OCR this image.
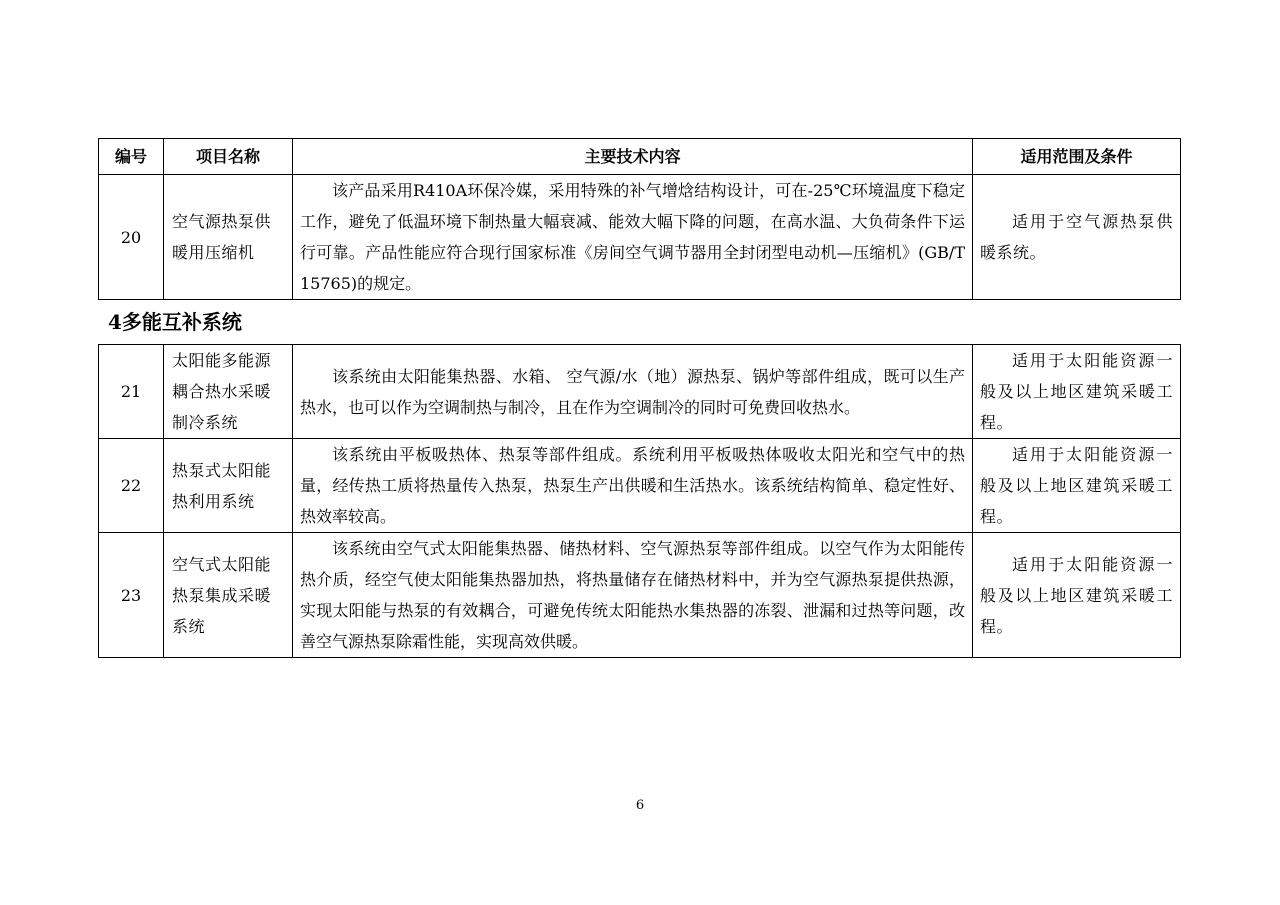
编号	项目名称	主要技术内容	适用范围及条件
20	空气源热泵供暖用压缩机	该产品采用R410A环保冷媒，采用特殊的补气增焓结构设计，可在-25℃环境温度下稳定工作，避免了低温环境下制热量大幅衰减、能效大幅下降的问题，在高水温、大负荷条件下运行可靠。产品性能应符合现行国家标准《房间空气调节器用全封闭型电动机—压缩机》(GB/T 15765)的规定。	适用于空气源热泵供暖系统。

4多能互补系统

21	太阳能多能源耦合热水采暖制冷系统	该系统由太阳能集热器、水箱、 空气源/水（地）源热泵、锅炉等部件组成，既可以生产热水，也可以作为空调制热与制冷，且在作为空调制冷的同时可免费回收热水。	适用于太阳能资源一般及以上地区建筑采暖工程。
22	热泵式太阳能热利用系统	该系统由平板吸热体、热泵等部件组成。系统利用平板吸热体吸收太阳光和空气中的热量，经传热工质将热量传入热泵，热泵生产出供暖和生活热水。该系统结构简单、稳定性好、热效率较高。	适用于太阳能资源一般及以上地区建筑采暖工程。
23	空气式太阳能热泵集成采暖系统	该系统由空气式太阳能集热器、储热材料、空气源热泵等部件组成。以空气作为太阳能传热介质，经空气使太阳能集热器加热，将热量储存在储热材料中，并为空气源热泵提供热源，实现太阳能与热泵的有效耦合，可避免传统太阳能热水集热器的冻裂、泄漏和过热等问题，改善空气源热泵除霜性能，实现高效供暖。	适用于太阳能资源一般及以上地区建筑采暖工程。
6
